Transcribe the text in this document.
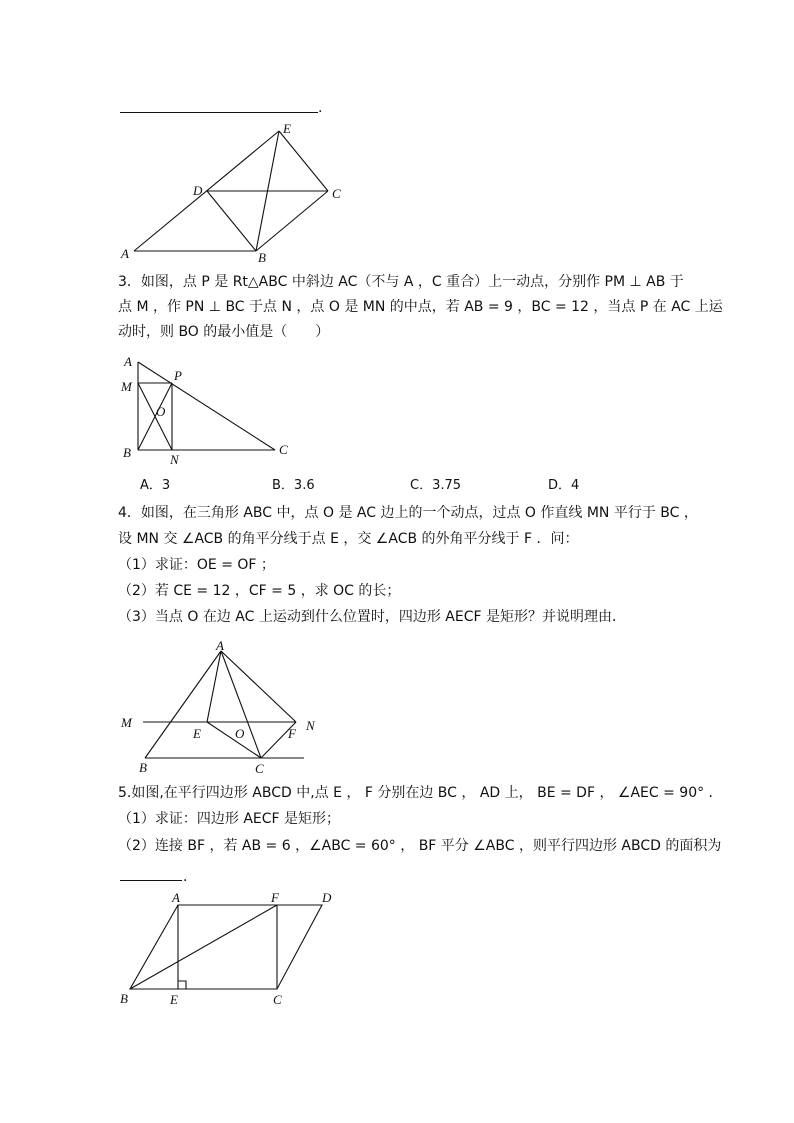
.
A	B
C
D
E
3．如图，点 P 是 Rt△ABC 中斜边 AC（不与 A ，C 重合）上一动点，分别作 PM ⊥ AB 于
点 M ，作 PN ⊥ BC 于点 N ，点 O 是 MN 的中点，若 AB = 9 ，BC = 12 ，当点 P 在 AC 上运
动时，则 BO 的最小值是（　　）
A
M
P
O
B	N
C
A．3	B．3.6	C．3.75	D．4
4．如图，在三角形 ABC 中，点 O 是 AC 边上的一个动点，过点 O 作直线 MN 平行于 BC ，
设 MN 交 ∠ACB 的角平分线于点 E ，交 ∠ACB 的外角平分线于 F ．问：
（1）求证：OE = OF ；
（2）若 CE = 12 ，CF = 5 ，求 OC 的长；
（3）当点 O 在边 AC 上运动到什么位置时，四边形 AECF 是矩形？并说明理由．
A
M	N
E	O	F
B	C
5.如图,在平行四边形 ABCD 中,点 E ， F 分别在边 BC ， AD 上， BE = DF ， ∠AEC = 90° ．
（1）求证：四边形 AECF 是矩形；
（2）连接 BF ，若 AB = 6 ，∠ABC = 60° ， BF 平分 ∠ABC ，则平行四边形 ABCD 的面积为
．
A	F	D
B	E	C
